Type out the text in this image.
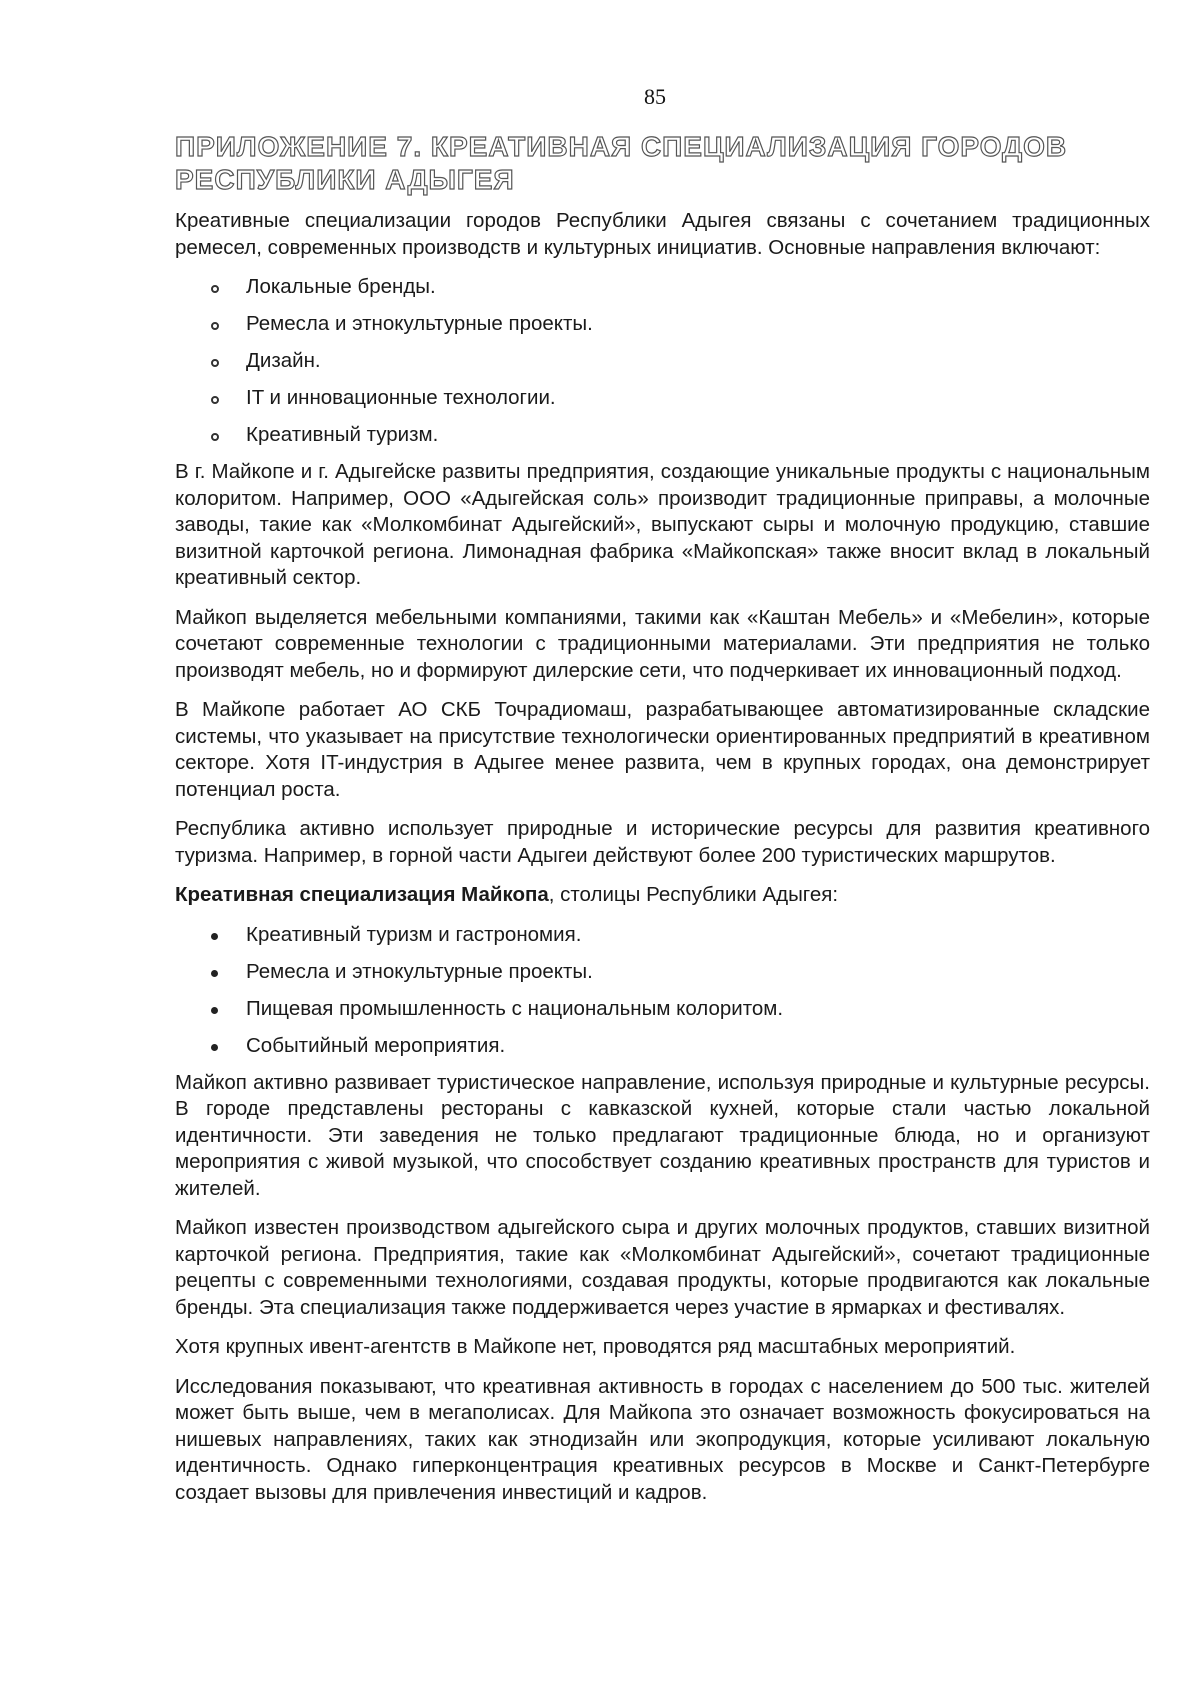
85
ПРИЛОЖЕНИЕ 7. КРЕАТИВНАЯ СПЕЦИАЛИЗАЦИЯ ГОРОДОВ
РЕСПУБЛИКИ АДЫГЕЯ

Креативные специализации городов Республики Адыгея связаны с сочетанием традиционных ремесел, современных производств и культурных инициатив. Основные направления включают:

Локальные бренды.
Ремесла и этнокультурные проекты.
Дизайн.
IT и инновационные технологии.
Креативный туризм.

В г. Майкопе и г. Адыгейске развиты предприятия, создающие уникальные продукты с национальным колоритом. Например, ООО «Адыгейская соль» производит традиционные приправы, а молочные заводы, такие как «Молкомбинат Адыгейский», выпускают сыры и молочную продукцию, ставшие визитной карточкой региона. Лимонадная фабрика «Майкопская» также вносит вклад в локальный креативный сектор.

Майкоп выделяется мебельными компаниями, такими как «Каштан Мебель» и «Мебелин», которые сочетают современные технологии с традиционными материалами. Эти предприятия не только производят мебель, но и формируют дилерские сети, что подчеркивает их инновационный подход.

В Майкопе работает АО СКБ Точрадиомаш, разрабатывающее автоматизированные складские системы, что указывает на присутствие технологически ориентированных предприятий в креативном секторе. Хотя IT-индустрия в Адыгее менее развита, чем в крупных городах, она демонстрирует потенциал роста.

Республика активно использует природные и исторические ресурсы для развития креативного туризма. Например, в горной части Адыгеи действуют более 200 туристических маршрутов.

Креативная специализация Майкопа, столицы Республики Адыгея:

Креативный туризм и гастрономия.
Ремесла и этнокультурные проекты.
Пищевая промышленность с национальным колоритом.
Событийный мероприятия.

Майкоп активно развивает туристическое направление, используя природные и культурные ресурсы. В городе представлены рестораны с кавказской кухней, которые стали частью локальной идентичности. Эти заведения не только предлагают традиционные блюда, но и организуют мероприятия с живой музыкой, что способствует созданию креативных пространств для туристов и жителей.

Майкоп известен производством адыгейского сыра и других молочных продуктов, ставших визитной карточкой региона. Предприятия, такие как «Молкомбинат Адыгейский», сочетают традиционные рецепты с современными технологиями, создавая продукты, которые продвигаются как локальные бренды. Эта специализация также поддерживается через участие в ярмарках и фестивалях.

Хотя крупных ивент-агентств в Майкопе нет, проводятся ряд масштабных мероприятий.

Исследования показывают, что креативная активность в городах с населением до 500 тыс. жителей может быть выше, чем в мегаполисах. Для Майкопа это означает возможность фокусироваться на нишевых направлениях, таких как этнодизайн или экопродукция, которые усиливают локальную идентичность. Однако гиперконцентрация креативных ресурсов в Москве и Санкт-Петербурге создает вызовы для привлечения инвестиций и кадров.
